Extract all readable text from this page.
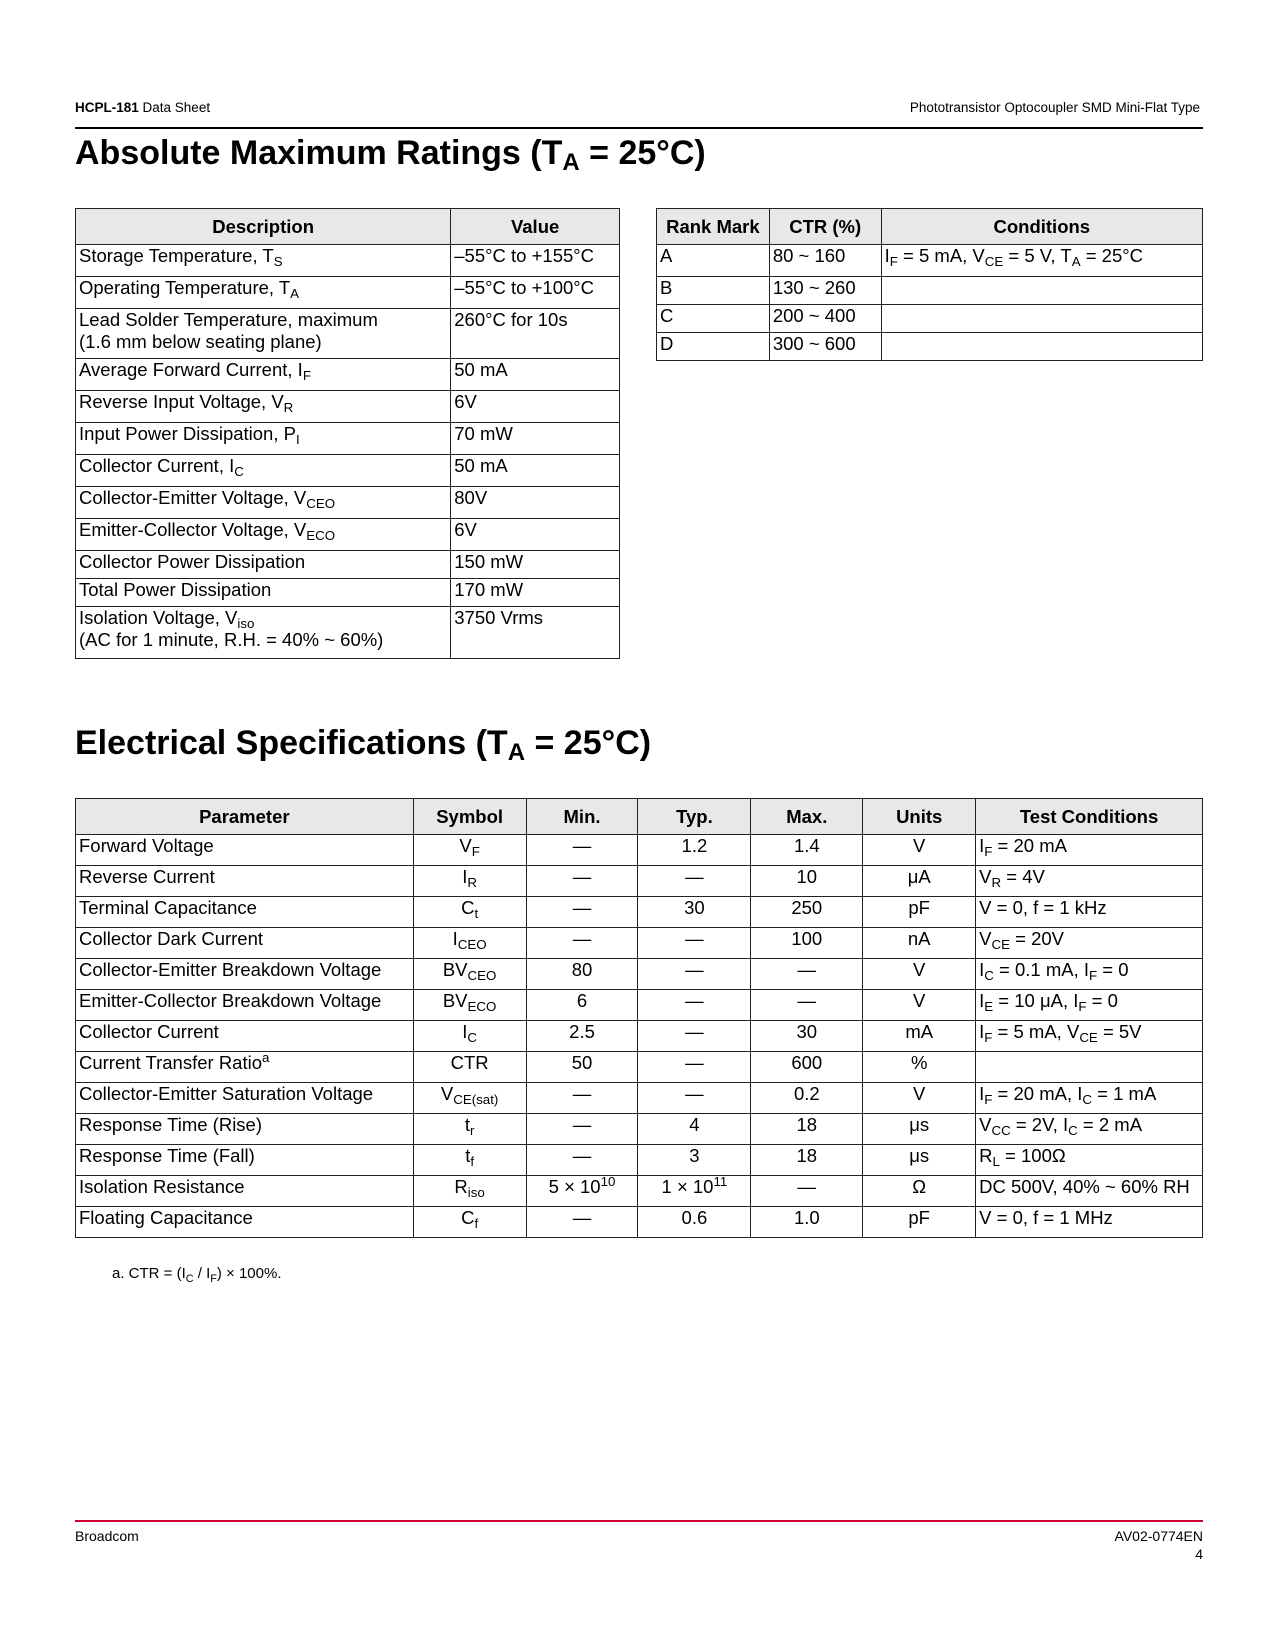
HCPL-181 Data Sheet	Phototransistor Optocoupler SMD Mini-Flat Type
Absolute Maximum Ratings $(T_A = 25^\circ C)$
Description	Value
Storage Temperature, $T_S$	–55°C to +155°C
Operating Temperature, $T_A$	–55°C to +100°C
Lead Solder Temperature, maximum
(1.6 mm below seating plane)	260°C for 10s
Average Forward Current, $I_F$	50 mA
Reverse Input Voltage, $V_R$	6V
Input Power Dissipation, $P_I$	70 mW
Collector Current, $I_C$	50 mA
Collector-Emitter Voltage, $V_{CEO}$	80V
Emitter-Collector Voltage, $V_{ECO}$	6V
Collector Power Dissipation	150 mW
Total Power Dissipation	170 mW
Isolation Voltage, $V_{iso}$
(AC for 1 minute, R.H. = 40% ~ 60%)	3750 Vrms
Rank Mark	CTR (%)	Conditions
A	80 ~ 160	$I_F = 5$ mA, $V_{CE} = 5$ V, $T_A = 25^\circ C$
B	130 ~ 260	
C	200 ~ 400	
D	300 ~ 600	
Electrical Specifications $(T_A = 25^\circ C)$
Parameter	Symbol	Min.	Typ.	Max.	Units	Test Conditions
Forward Voltage	$V_F$	—	1.2	1.4	V	$I_F = 20$ mA
Reverse Current	$I_R$	—	—	10	μA	$V_R = 4V$
Terminal Capacitance	$C_t$	—	30	250	pF	V = 0, f = 1 kHz
Collector Dark Current	$I_{CEO}$	—	—	100	nA	$V_{CE} = 20V$
Collector-Emitter Breakdown Voltage	$BV_{CEO}$	80	—	—	V	$I_C = 0.1$ mA, $I_F = 0$
Emitter-Collector Breakdown Voltage	$BV_{ECO}$	6	—	—	V	$I_E = 10$ μA, $I_F = 0$
Collector Current	$I_C$	2.5	—	30	mA	$I_F = 5$ mA, $V_{CE} = 5V$
Current Transfer Ratio$^a$	CTR	50	—	600	%	
Collector-Emitter Saturation Voltage	$V_{CE(sat)}$	—	—	0.2	V	$I_F = 20$ mA, $I_C = 1$ mA
Response Time (Rise)	$t_r$	—	4	18	μs	$V_{CC} = 2V$, $I_C = 2$ mA
Response Time (Fall)	$t_f$	—	3	18	μs	$R_L = 100\Omega$
Isolation Resistance	$R_{iso}$	$5 \times 10^{10}$	$1 \times 10^{11}$	—	Ω	DC 500V, 40% ~ 60% RH
Floating Capacitance	$C_f$	—	0.6	1.0	pF	V = 0, f = 1 MHz
a. CTR = $(I_C / I_F) \times 100\%$.
Broadcom	AV02-0774EN
4
